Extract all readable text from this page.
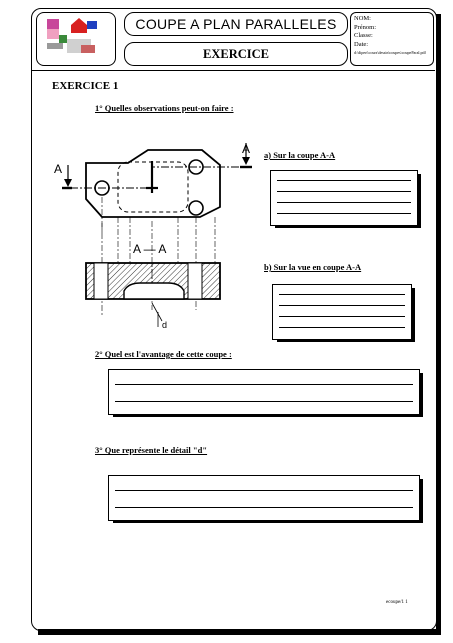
COUPE A PLAN PARALLELES
EXERCICE
NOM:
Prénom:
Classe:
Date:
d:\dipert\cours\dessin\coupes\coupeParal.pdf
EXERCICE 1
1° Quelles observations peut-on faire :
A
A
A — A
d
a) Sur la coupe A-A
b) Sur la vue en coupe A-A
2° Quel est l'avantage de cette coupe :
3° Que représente le détail "d"
ecoupe/1 1
